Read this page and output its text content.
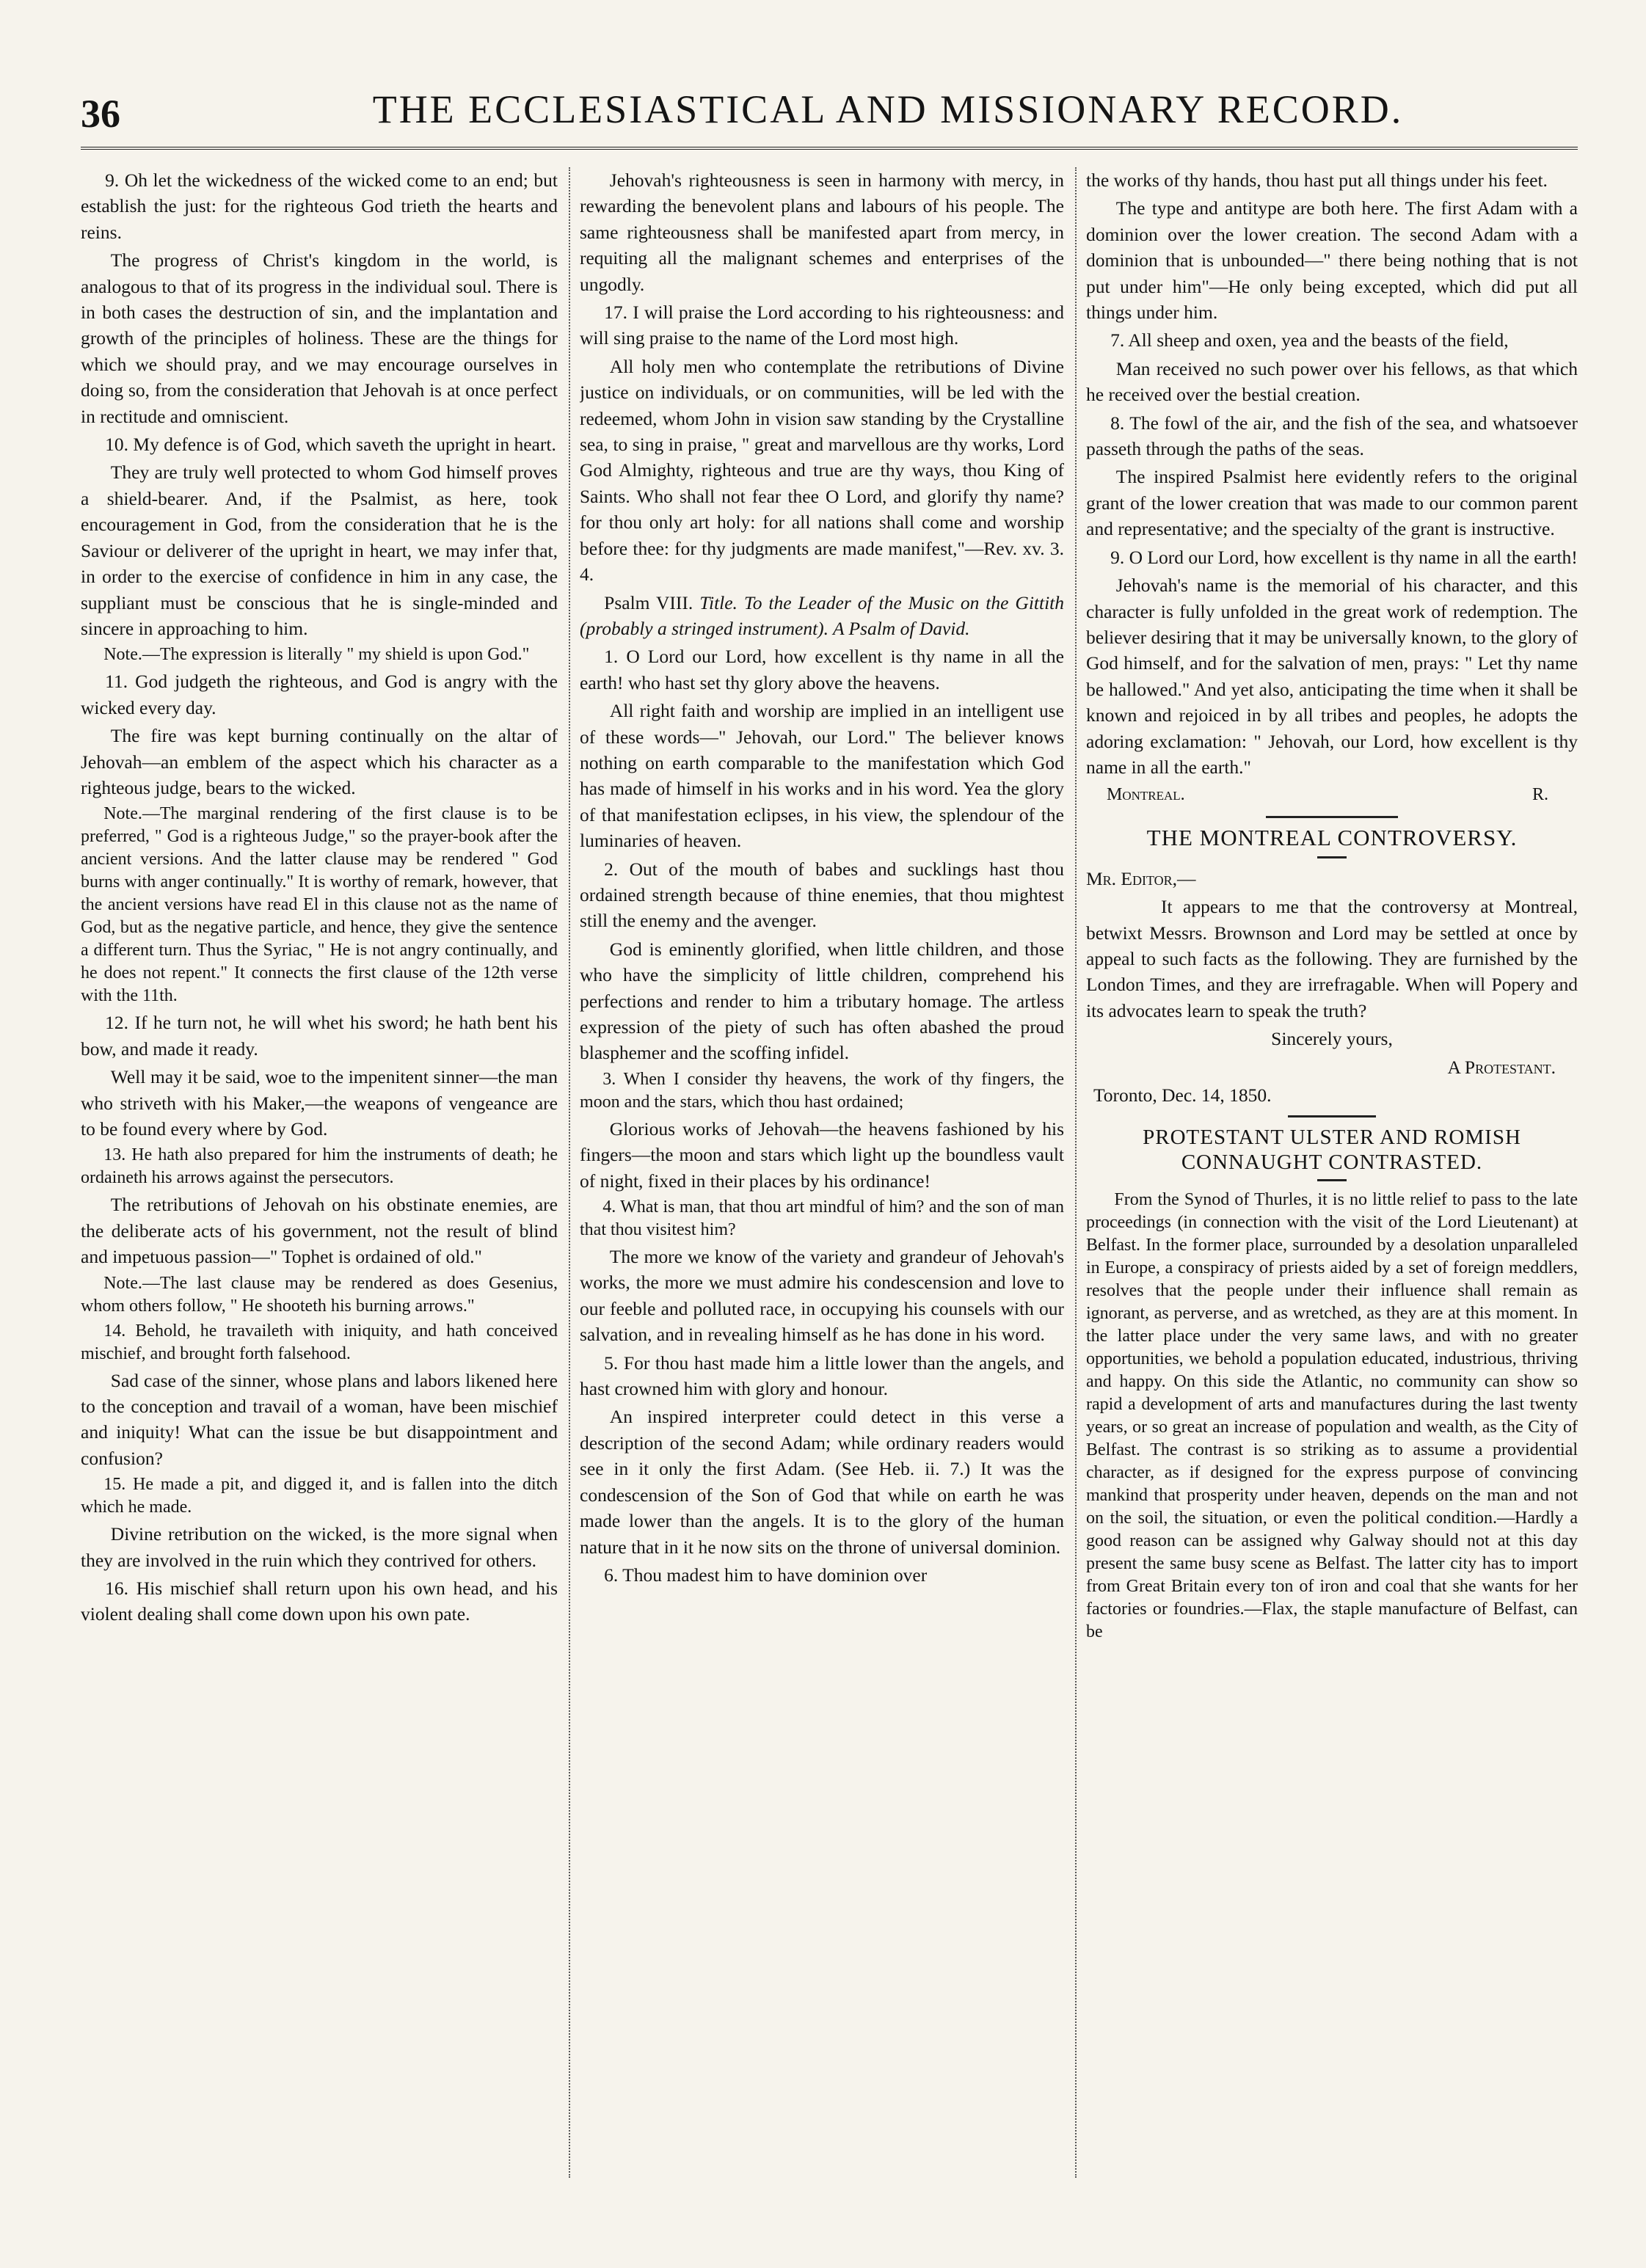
36	THE ECCLESIASTICAL AND MISSIONARY RECORD.

9. Oh let the wickedness of the wicked come to an end; but establish the just: for the righteous God trieth the hearts and reins.

The progress of Christ's kingdom in the world, is analogous to that of its progress in the individual soul. There is in both cases the destruction of sin, and the implantation and growth of the principles of holiness. These are the things for which we should pray, and we may encourage ourselves in doing so, from the consideration that Jehovah is at once perfect in rectitude and omniscient.

10. My defence is of God, which saveth the upright in heart.

They are truly well protected to whom God himself proves a shield-bearer. And, if the Psalmist, as here, took encouragement in God, from the consideration that he is the Saviour or deliverer of the upright in heart, we may infer that, in order to the exercise of confidence in him in any case, the suppliant must be conscious that he is single-minded and sincere in approaching to him.

Note.—The expression is literally " my shield is upon God."

11. God judgeth the righteous, and God is angry with the wicked every day.

The fire was kept burning continually on the altar of Jehovah—an emblem of the aspect which his character as a righteous judge, bears to the wicked.

Note.—The marginal rendering of the first clause is to be preferred, " God is a righteous Judge," so the prayer-book after the ancient versions. And the latter clause may be rendered " God burns with anger continually." It is worthy of remark, however, that the ancient versions have read El in this clause not as the name of God, but as the negative particle, and hence, they give the sentence a different turn. Thus the Syriac, " He is not angry continually, and he does not repent." It connects the first clause of the 12th verse with the 11th.

12. If he turn not, he will whet his sword; he hath bent his bow, and made it ready.

Well may it be said, woe to the impenitent sinner—the man who striveth with his Maker,—the weapons of vengeance are to be found every where by God.

13. He hath also prepared for him the instruments of death; he ordaineth his arrows against the persecutors.

The retributions of Jehovah on his obstinate enemies, are the deliberate acts of his government, not the result of blind and impetuous passion—" Tophet is ordained of old."

Note.—The last clause may be rendered as does Gesenius, whom others follow, " He shooteth his burning arrows."

14. Behold, he travaileth with iniquity, and hath conceived mischief, and brought forth falsehood.

Sad case of the sinner, whose plans and labors likened here to the conception and travail of a woman, have been mischief and iniquity! What can the issue be but disappointment and confusion?

15. He made a pit, and digged it, and is fallen into the ditch which he made.

Divine retribution on the wicked, is the more signal when they are involved in the ruin which they contrived for others.

16. His mischief shall return upon his own head, and his violent dealing shall come down upon his own pate.

Jehovah's righteousness is seen in harmony with mercy, in rewarding the benevolent plans and labours of his people. The same righteousness shall be manifested apart from mercy, in requiting all the malignant schemes and enterprises of the ungodly.

17. I will praise the Lord according to his righteousness: and will sing praise to the name of the Lord most high.

All holy men who contemplate the retributions of Divine justice on individuals, or on communities, will be led with the redeemed, whom John in vision saw standing by the Crystalline sea, to sing in praise, " great and marvellous are thy works, Lord God Almighty, righteous and true are thy ways, thou King of Saints. Who shall not fear thee O Lord, and glorify thy name? for thou only art holy: for all nations shall come and worship before thee: for thy judgments are made manifest,"—Rev. xv. 3. 4.

Psalm VIII. Title. To the Leader of the Music on the Gittith (probably a stringed instrument). A Psalm of David.

1. O Lord our Lord, how excellent is thy name in all the earth! who hast set thy glory above the heavens.

All right faith and worship are implied in an intelligent use of these words—" Jehovah, our Lord." The believer knows nothing on earth comparable to the manifestation which God has made of himself in his works and in his word. Yea the glory of that manifestation eclipses, in his view, the splendour of the luminaries of heaven.

2. Out of the mouth of babes and sucklings hast thou ordained strength because of thine enemies, that thou mightest still the enemy and the avenger.

God is eminently glorified, when little children, and those who have the simplicity of little children, comprehend his perfections and render to him a tributary homage. The artless expression of the piety of such has often abashed the proud blasphemer and the scoffing infidel.

3. When I consider thy heavens, the work of thy fingers, the moon and the stars, which thou hast ordained;

Glorious works of Jehovah—the heavens fashioned by his fingers—the moon and stars which light up the boundless vault of night, fixed in their places by his ordinance!

4. What is man, that thou art mindful of him? and the son of man that thou visitest him?

The more we know of the variety and grandeur of Jehovah's works, the more we must admire his condescension and love to our feeble and polluted race, in occupying his counsels with our salvation, and in revealing himself as he has done in his word.

5. For thou hast made him a little lower than the angels, and hast crowned him with glory and honour.

An inspired interpreter could detect in this verse a description of the second Adam; while ordinary readers would see in it only the first Adam. (See Heb. ii. 7.) It was the condescension of the Son of God that while on earth he was made lower than the angels. It is to the glory of the human nature that in it he now sits on the throne of universal dominion.

6. Thou madest him to have dominion over

the works of thy hands, thou hast put all things under his feet.

The type and antitype are both here. The first Adam with a dominion over the lower creation. The second Adam with a dominion that is unbounded—" there being nothing that is not put under him"—He only being excepted, which did put all things under him.

7. All sheep and oxen, yea and the beasts of the field,

Man received no such power over his fellows, as that which he received over the bestial creation.

8. The fowl of the air, and the fish of the sea, and whatsoever passeth through the paths of the seas.

The inspired Psalmist here evidently refers to the original grant of the lower creation that was made to our common parent and representative; and the specialty of the grant is instructive.

9. O Lord our Lord, how excellent is thy name in all the earth!

Jehovah's name is the memorial of his character, and this character is fully unfolded in the great work of redemption. The believer desiring that it may be universally known, to the glory of God himself, and for the salvation of men, prays: " Let thy name be hallowed." And yet also, anticipating the time when it shall be known and rejoiced in by all tribes and peoples, he adopts the adoring exclamation: " Jehovah, our Lord, how excellent is thy name in all the earth."

Montreal.	R.

THE MONTREAL CONTROVERSY.

Mr. Editor,—

It appears to me that the controversy at Montreal, betwixt Messrs. Brownson and Lord may be settled at once by appeal to such facts as the following. They are furnished by the London Times, and they are irrefragable. When will Popery and its advocates learn to speak the truth?

Sincerely yours,

A Protestant.

Toronto, Dec. 14, 1850.

PROTESTANT ULSTER AND ROMISH CONNAUGHT CONTRASTED.

From the Synod of Thurles, it is no little relief to pass to the late proceedings (in connection with the visit of the Lord Lieutenant) at Belfast. In the former place, surrounded by a desolation unparalleled in Europe, a conspiracy of priests aided by a set of foreign meddlers, resolves that the people under their influence shall remain as ignorant, as perverse, and as wretched, as they are at this moment. In the latter place under the very same laws, and with no greater opportunities, we behold a population educated, industrious, thriving and happy. On this side the Atlantic, no community can show so rapid a development of arts and manufactures during the last twenty years, or so great an increase of population and wealth, as the City of Belfast. The contrast is so striking as to assume a providential character, as if designed for the express purpose of convincing mankind that prosperity under heaven, depends on the man and not on the soil, the situation, or even the political condition.—Hardly a good reason can be assigned why Galway should not at this day present the same busy scene as Belfast. The latter city has to import from Great Britain every ton of iron and coal that she wants for her factories or foundries.—Flax, the staple manufacture of Belfast, can be
